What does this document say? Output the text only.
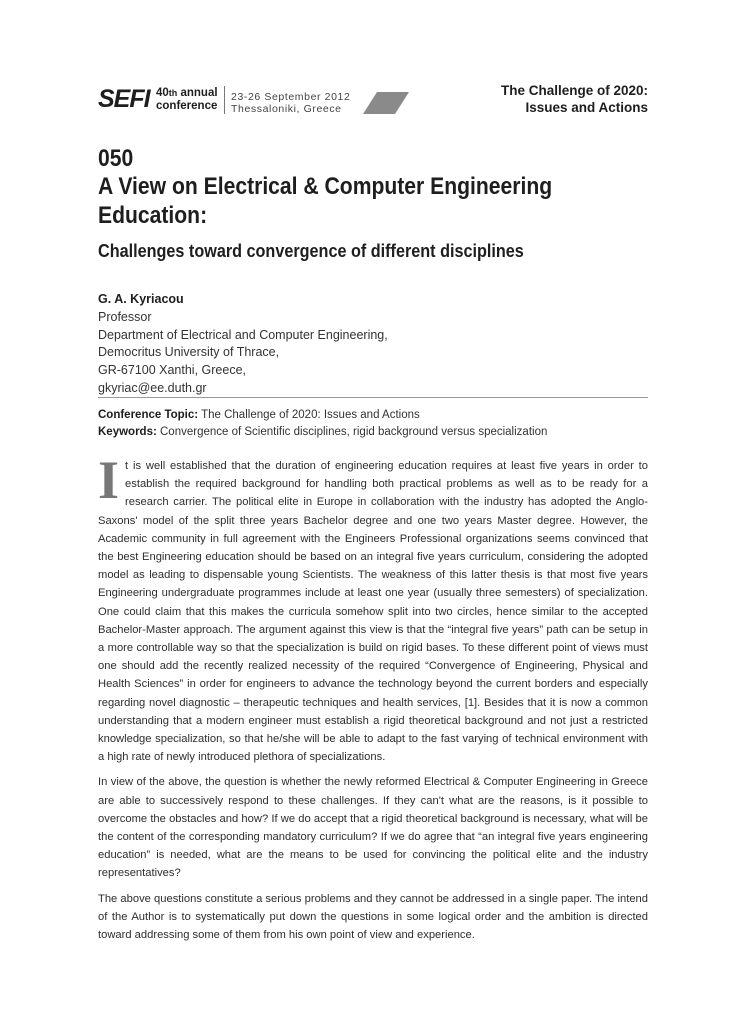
SEFI 40th annual
conference
23-26 September 2012
Thessaloniki, Greece
The Challenge of 2020:
Issues and Actions
050
A View on Electrical & Computer Engineering Education:
Challenges toward convergence of different disciplines
G. A. Kyriacou
Professor
Department of Electrical and Computer Engineering,
Democritus University of Thrace,
GR-67100 Xanthi, Greece,
gkyriac@ee.duth.gr
Conference Topic: The Challenge of 2020: Issues and Actions
Keywords: Convergence of Scientific disciplines, rigid background versus specialization

It is well established that the duration of engineering education requires at least five years in order to establish the required background for handling both practical problems as well as to be ready for a research carrier. The political elite in Europe in collaboration with the industry has adopted the Anglo-Saxons' model of the split three years Bachelor degree and one two years Master degree. However, the Academic community in full agreement with the Engineers Professional organizations seems convinced that the best Engineering education should be based on an integral five years curriculum, considering the adopted model as leading to dispensable young Scientists. The weakness of this latter thesis is that most five years Engineering undergraduate programmes include at least one year (usually three semesters) of specialization. One could claim that this makes the curricula somehow split into two circles, hence similar to the accepted Bachelor-Master approach. The argument against this view is that the “integral five years” path can be setup in a more controllable way so that the specialization is build on rigid bases. To these different point of views must one should add the recently realized necessity of the required “Convergence of Engineering, Physical and Health Sciences” in order for engineers to advance the technology beyond the current borders and especially regarding novel diagnostic – therapeutic techniques and health services, [1]. Besides that it is now a common understanding that a modern engineer must establish a rigid theoretical background and not just a restricted knowledge specialization, so that he/she will be able to adapt to the fast varying of technical environment with a high rate of newly introduced plethora of specializations.

In view of the above, the question is whether the newly reformed Electrical & Computer Engineering in Greece are able to successively respond to these challenges. If they can't what are the reasons, is it possible to overcome the obstacles and how? If we do accept that a rigid theoretical background is necessary, what will be the content of the corresponding mandatory curriculum? If we do agree that “an integral five years engineering education” is needed, what are the means to be used for convincing the political elite and the industry representatives?

The above questions constitute a serious problems and they cannot be addressed in a single paper. The intend of the Author is to systematically put down the questions in some logical order and the ambition is directed toward addressing some of them from his own point of view and experience.
